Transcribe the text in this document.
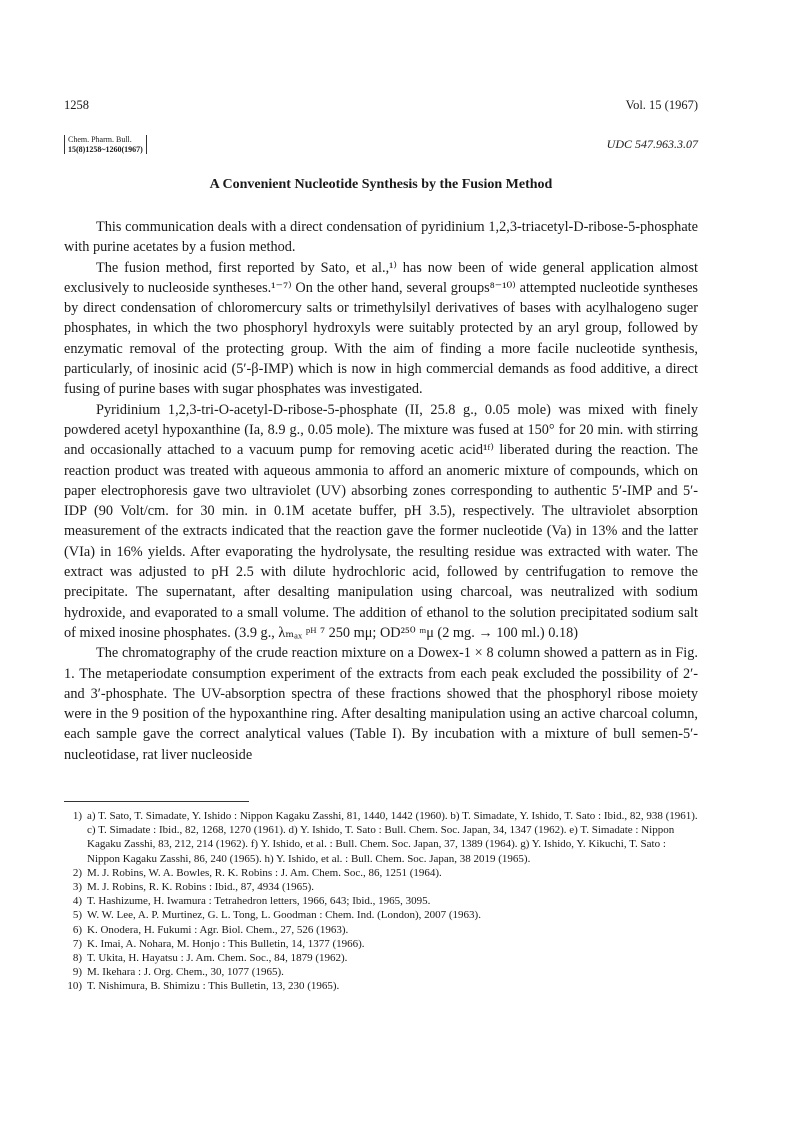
1258	Vol. 15 (1967)
Chem. Pharm. Bull.
15(8)1258~1260(1967)	UDC 547.963.3.07
A Convenient Nucleotide Synthesis by the Fusion Method

This communication deals with a direct condensation of pyridinium 1,2,3-triacetyl-D-ribose-5-phosphate with purine acetates by a fusion method.

The fusion method, first reported by Sato, et al.,¹⁾ has now been of wide general application almost exclusively to nucleoside syntheses.¹⁻⁷⁾ On the other hand, several groups⁸⁻¹⁰⁾ attempted nucleotide syntheses by direct condensation of chloromercury salts or trimethylsilyl derivatives of bases with acylhalogeno suger phosphates, in which the two phosphoryl hydroxyls were suitably protected by an aryl group, followed by enzymatic removal of the protecting group. With the aim of finding a more facile nucleotide synthesis, particularly, of inosinic acid (5′-β-IMP) which is now in high commercial demands as food additive, a direct fusing of purine bases with sugar phosphates was investigated.

Pyridinium 1,2,3-tri-O-acetyl-D-ribose-5-phosphate (II, 25.8 g., 0.05 mole) was mixed with finely powdered acetyl hypoxanthine (Ia, 8.9 g., 0.05 mole). The mixture was fused at 150° for 20 min. with stirring and occasionally attached to a vacuum pump for removing acetic acid¹ᶠ⁾ liberated during the reaction. The reaction product was treated with aqueous ammonia to afford an anomeric mixture of compounds, which on paper electrophoresis gave two ultraviolet (UV) absorbing zones corresponding to authentic 5′-IMP and 5′-IDP (90 Volt/cm. for 30 min. in 0.1M acetate buffer, pH 3.5), respectively. The ultraviolet absorption measurement of the extracts indicated that the reaction gave the former nucleotide (Va) in 13% and the latter (VIa) in 16% yields. After evaporating the hydrolysate, the resulting residue was extracted with water. The extract was adjusted to pH 2.5 with dilute hydrochloric acid, followed by centrifugation to remove the precipitate. The supernatant, after desalting manipulation using charcoal, was neutralized with sodium hydroxide, and evaporated to a small volume. The addition of ethanol to the solution precipitated sodium salt of mixed inosine phosphates. (3.9 g., λₘₐₓ ᵖᴴ ⁷ 250 mμ; OD²⁵⁰ ᵐμ (2 mg. → 100 ml.) 0.18)

The chromatography of the crude reaction mixture on a Dowex-1 × 8 column showed a pattern as in Fig. 1. The metaperiodate consumption experiment of the extracts from each peak excluded the possibility of 2′- and 3′-phosphate. The UV-absorption spectra of these fractions showed that the phosphoryl ribose moiety were in the 9 position of the hypoxanthine ring. After desalting manipulation using an active charcoal column, each sample gave the correct analytical values (Table I). By incubation with a mixture of bull semen-5′-nucleotidase, rat liver nucleoside

1) a) T. Sato, T. Simadate, Y. Ishido : Nippon Kagaku Zasshi, 81, 1440, 1442 (1960). b) T. Simadate, Y. Ishido, T. Sato : Ibid., 82, 938 (1961). c) T. Simadate : Ibid., 82, 1268, 1270 (1961). d) Y. Ishido, T. Sato : Bull. Chem. Soc. Japan, 34, 1347 (1962). e) T. Simadate : Nippon Kagaku Zasshi, 83, 212, 214 (1962). f) Y. Ishido, et al. : Bull. Chem. Soc. Japan, 37, 1389 (1964). g) Y. Ishido, Y. Kikuchi, T. Sato : Nippon Kagaku Zasshi, 86, 240 (1965). h) Y. Ishido, et al. : Bull. Chem. Soc. Japan, 38 2019 (1965).
2) M. J. Robins, W. A. Bowles, R. K. Robins : J. Am. Chem. Soc., 86, 1251 (1964).
3) M. J. Robins, R. K. Robins : Ibid., 87, 4934 (1965).
4) T. Hashizume, H. Iwamura : Tetrahedron letters, 1966, 643; Ibid., 1965, 3095.
5) W. W. Lee, A. P. Murtinez, G. L. Tong, L. Goodman : Chem. Ind. (London), 2007 (1963).
6) K. Onodera, H. Fukumi : Agr. Biol. Chem., 27, 526 (1963).
7) K. Imai, A. Nohara, M. Honjo : This Bulletin, 14, 1377 (1966).
8) T. Ukita, H. Hayatsu : J. Am. Chem. Soc., 84, 1879 (1962).
9) M. Ikehara : J. Org. Chem., 30, 1077 (1965).
10) T. Nishimura, B. Shimizu : This Bulletin, 13, 230 (1965).
